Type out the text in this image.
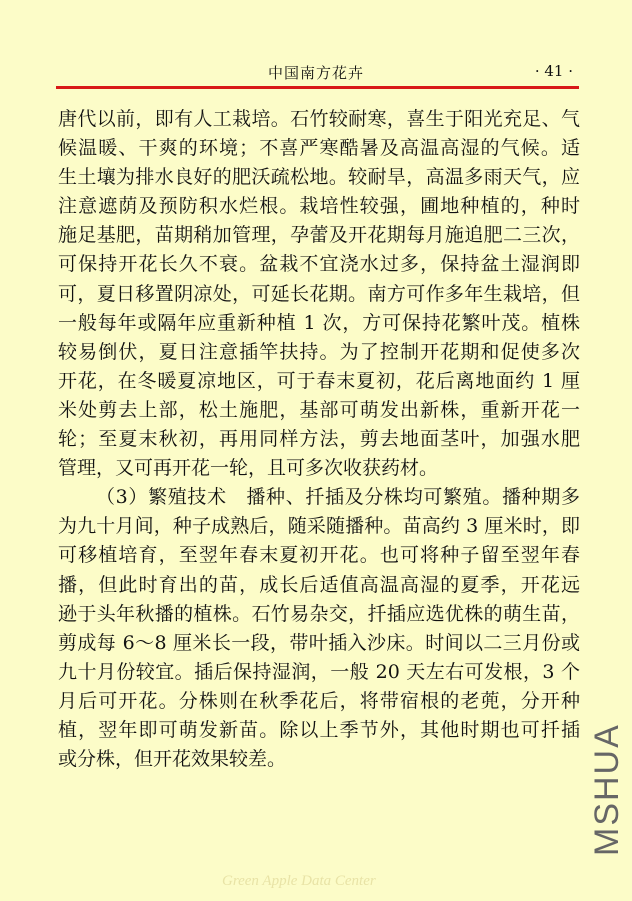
中国南方花卉	· 41 ·
唐代以前，即有人工栽培。石竹较耐寒，喜生于阳光充足、气
候温暖、干爽的环境；不喜严寒酷暑及高温高湿的气候。适
生土壤为排水良好的肥沃疏松地。较耐旱，高温多雨天气，应
注意遮荫及预防积水烂根。栽培性较强，圃地种植的，种时
施足基肥，苗期稍加管理，孕蕾及开花期每月施追肥二三次，
可保持开花长久不衰。盆栽不宜浇水过多，保持盆土湿润即
可，夏日移置阴凉处，可延长花期。南方可作多年生栽培，但
一般每年或隔年应重新种植 1 次，方可保持花繁叶茂。植株
较易倒伏，夏日注意插竿扶持。为了控制开花期和促使多次
开花，在冬暖夏凉地区，可于春末夏初，花后离地面约 1 厘
米处剪去上部，松土施肥，基部可萌发出新株，重新开花一
轮；至夏末秋初，再用同样方法，剪去地面茎叶，加强水肥
管理，又可再开花一轮，且可多次收获药材。
（3）繁殖技术　播种、扦插及分株均可繁殖。播种期多
为九十月间，种子成熟后，随采随播种。苗高约 3 厘米时，即
可移植培育，至翌年春末夏初开花。也可将种子留至翌年春
播，但此时育出的苗，成长后适值高温高湿的夏季，开花远
逊于头年秋播的植株。石竹易杂交，扦插应选优株的萌生苗，
剪成每 6～8 厘米长一段，带叶插入沙床。时间以二三月份或
九十月份较宜。插后保持湿润，一般 20 天左右可发根，3 个
月后可开花。分株则在秋季花后，将带宿根的老蔸，分开种
植，翌年即可萌发新苗。除以上季节外，其他时期也可扦插
或分株，但开花效果较差。
Green Apple Data Center
MSHUA
